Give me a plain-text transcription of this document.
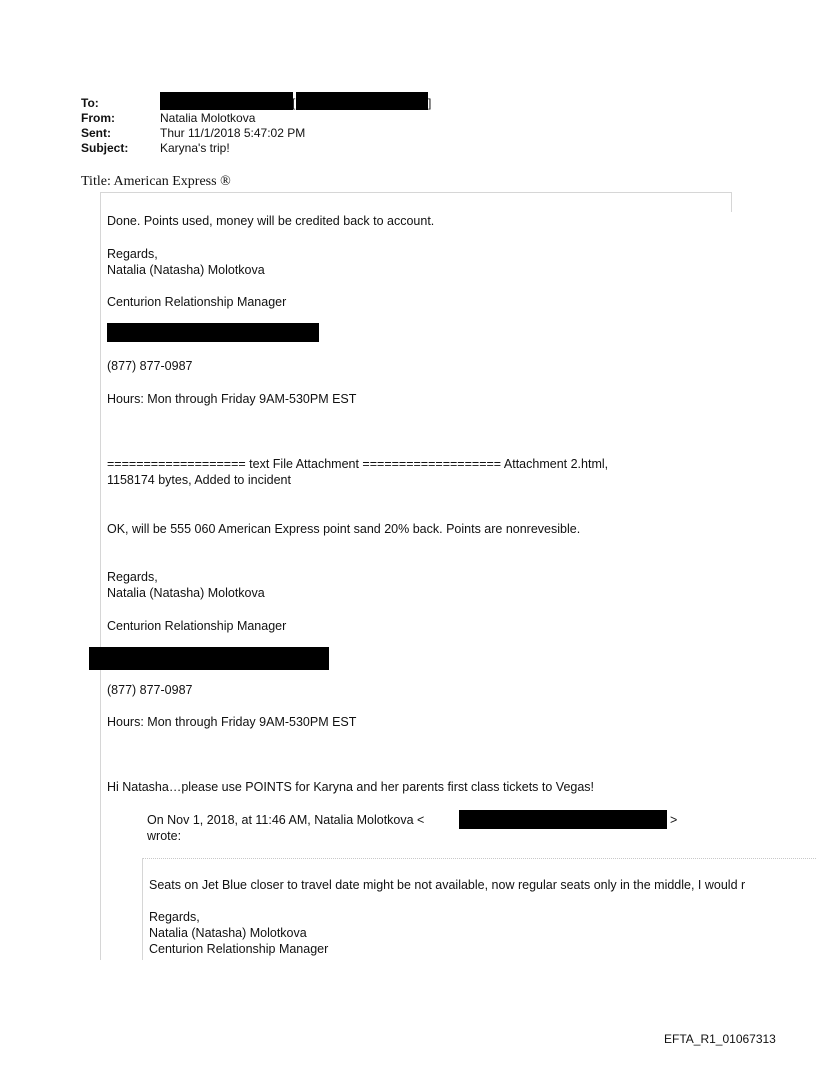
To:	[	]
From:	Natalia Molotkova
Sent:	Thur 11/1/2018 5:47:02 PM
Subject:	Karyna's trip!
Title: American Express ®
Done. Points used, money will be credited back to account.
Regards,
Natalia (Natasha) Molotkova
Centurion Relationship Manager
(877) 877-0987
Hours: Mon through Friday 9AM-530PM EST
=================== text File Attachment =================== Attachment 2.html,
1158174 bytes, Added to incident
OK, will be 555 060 American Express point sand 20% back. Points are nonrevesible.
Regards,
Natalia (Natasha) Molotkova
Centurion Relationship Manager
(877) 877-0987
Hours: Mon through Friday 9AM-530PM EST
Hi Natasha…please use POINTS for Karyna and her parents first class tickets to Vegas!
On Nov 1, 2018, at 11:46 AM, Natalia Molotkova <	>
wrote:
Seats on Jet Blue closer to travel date might be not available, now regular seats only in the middle, I would r
Regards,
Natalia (Natasha) Molotkova
Centurion Relationship Manager
EFTA_R1_01067313
